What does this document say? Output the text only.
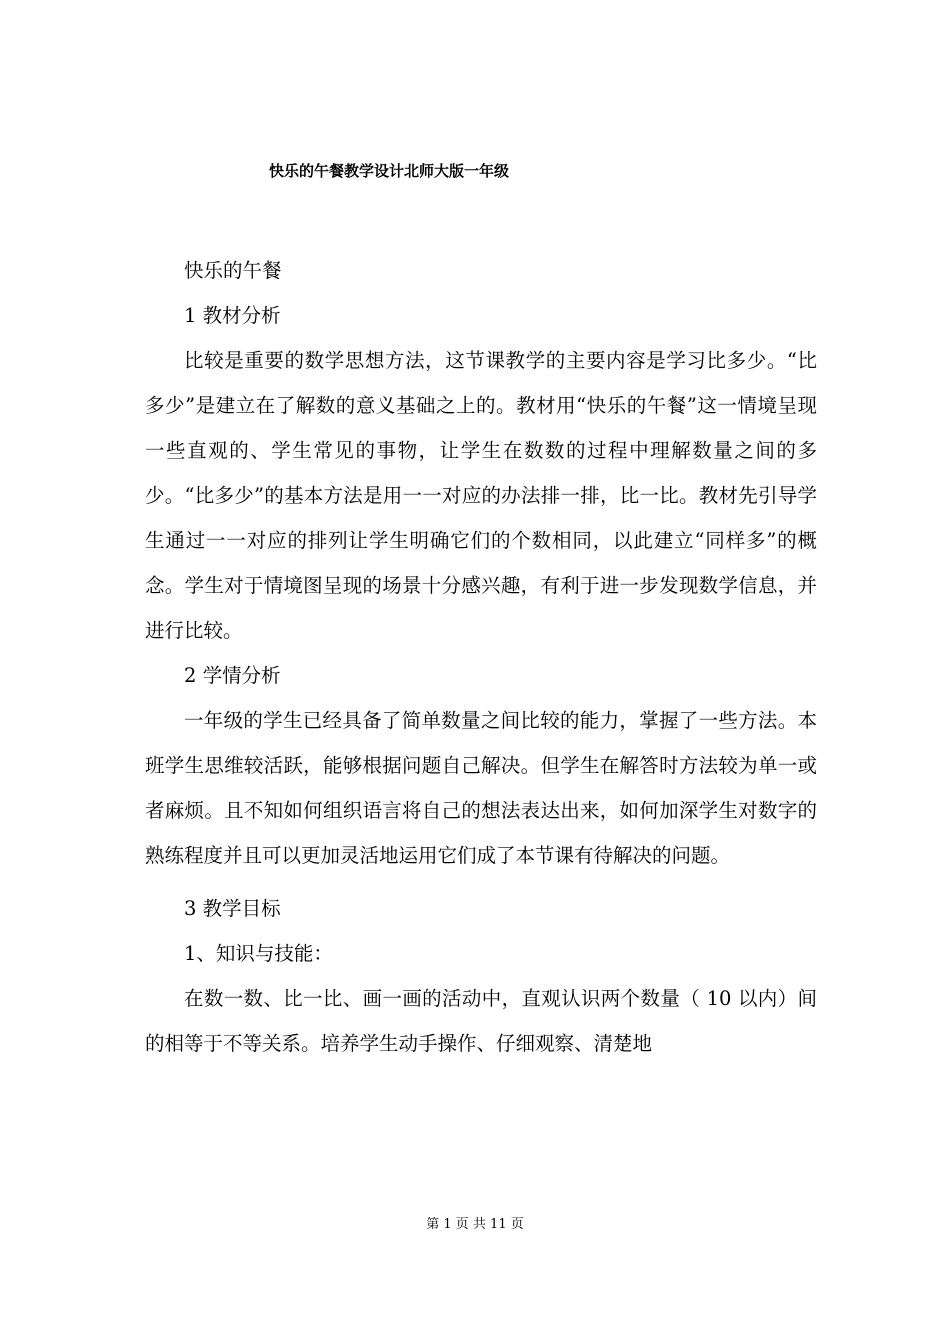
快乐的午餐教学设计北师大版一年级

快乐的午餐

1 教材分析

比较是重要的数学思想方法，这节课教学的主要内容是学习比多少。“比多少”是建立在了解数的意义基础之上的。教材用“快乐的午餐”这一情境呈现一些直观的、学生常见的事物，让学生在数数的过程中理解数量之间的多少。“比多少”的基本方法是用一一对应的办法排一排，比一比。教材先引导学生通过一一对应的排列让学生明确它们的个数相同，以此建立“同样多”的概念。学生对于情境图呈现的场景十分感兴趣，有利于进一步发现数学信息，并进行比较。

2 学情分析

一年级的学生已经具备了简单数量之间比较的能力，掌握了一些方法。本班学生思维较活跃，能够根据问题自己解决。但学生在解答时方法较为单一或者麻烦。且不知如何组织语言将自己的想法表达出来，如何加深学生对数字的熟练程度并且可以更加灵活地运用它们成了本节课有待解决的问题。

3 教学目标

1、知识与技能：

在数一数、比一比、画一画的活动中，直观认识两个数量（ 10 以内）间的相等于不等关系。培养学生动手操作、仔细观察、清楚地

第 1 页 共 11 页
